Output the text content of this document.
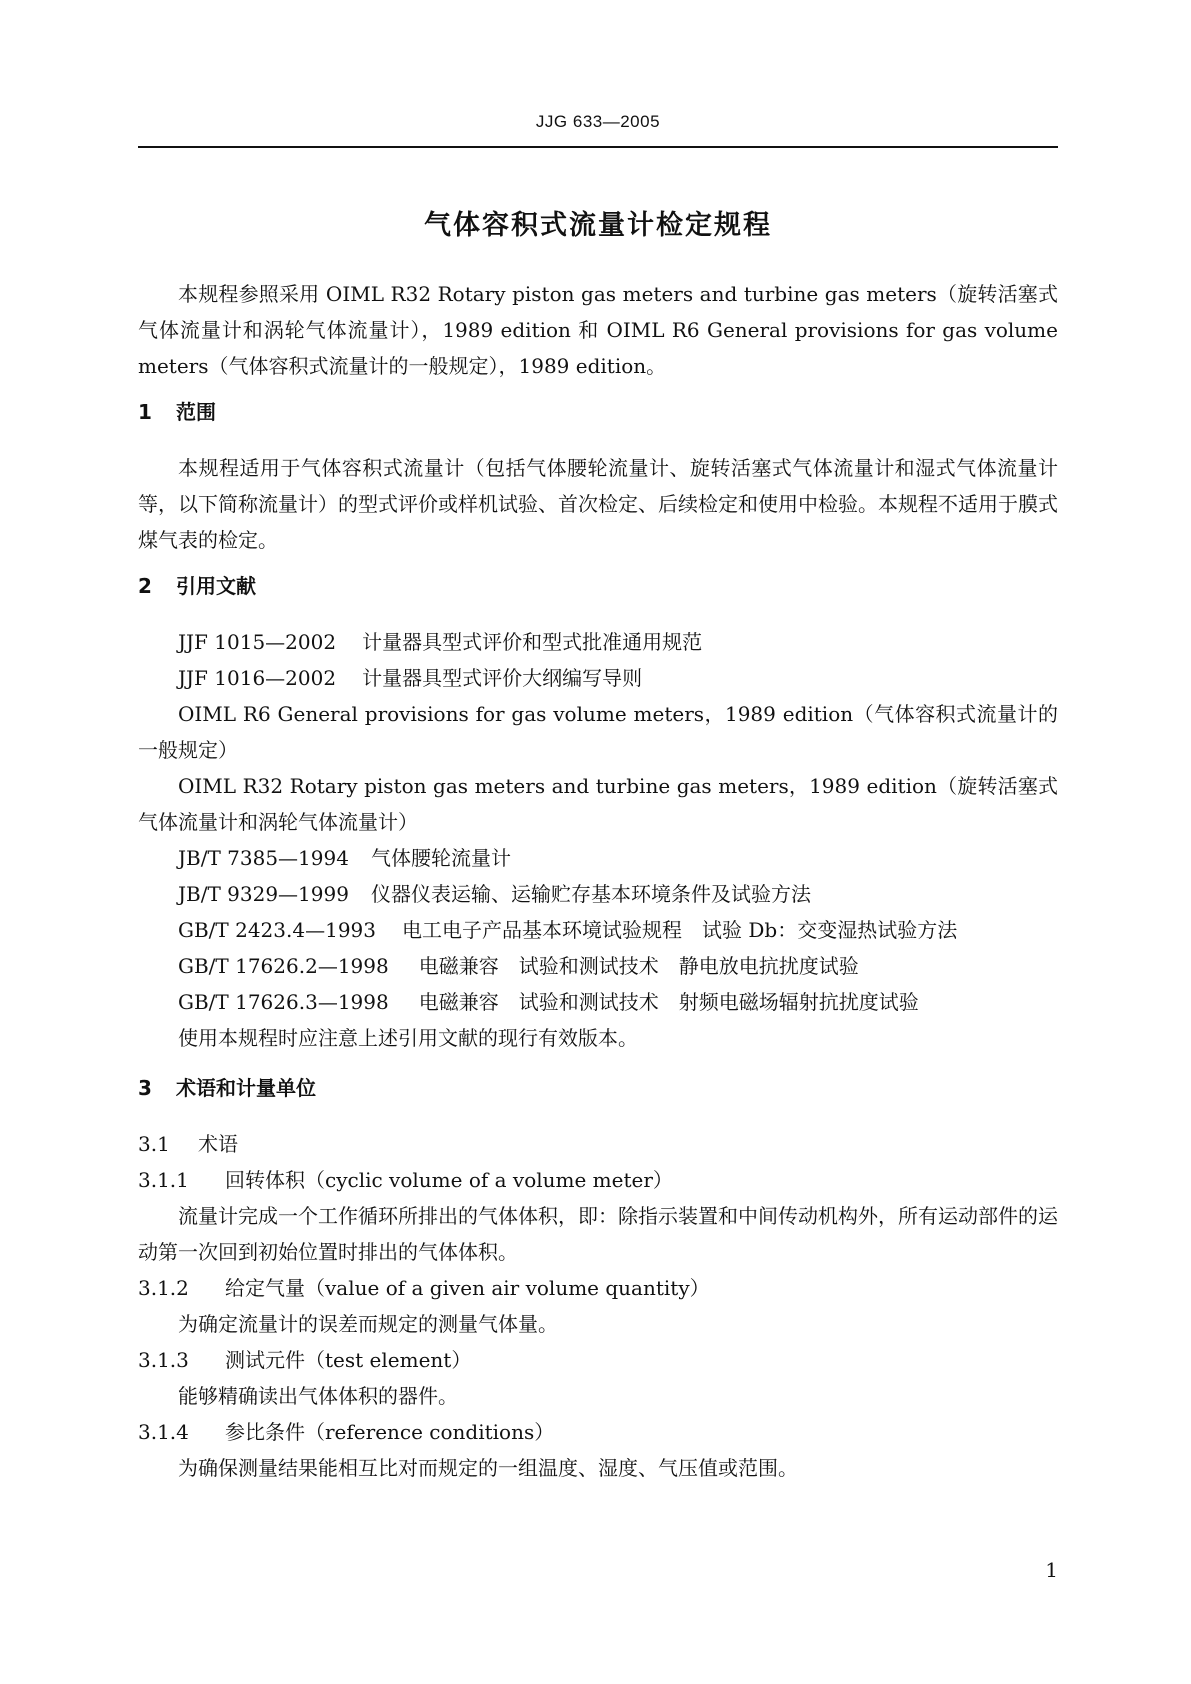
JJG 633—2005
气体容积式流量计检定规程

本规程参照采用 OIML R32 Rotary piston gas meters and turbine gas meters（旋转活塞式气体流量计和涡轮气体流量计），1989 edition 和 OIML R6 General provisions for gas volume meters（气体容积式流量计的一般规定），1989 edition。

1 范围

本规程适用于气体容积式流量计（包括气体腰轮流量计、旋转活塞式气体流量计和湿式气体流量计等，以下简称流量计）的型式评价或样机试验、首次检定、后续检定和使用中检验。本规程不适用于膜式煤气表的检定。

2 引用文献

JJF 1015—2002 计量器具型式评价和型式批准通用规范

JJF 1016—2002 计量器具型式评价大纲编写导则

OIML R6 General provisions for gas volume meters，1989 edition（气体容积式流量计的一般规定）

OIML R32 Rotary piston gas meters and turbine gas meters，1989 edition（旋转活塞式气体流量计和涡轮气体流量计）

JB/T 7385—1994 气体腰轮流量计

JB/T 9329—1999 仪器仪表运输、运输贮存基本环境条件及试验方法

GB/T 2423.4—1993 电工电子产品基本环境试验规程　试验 Db：交变湿热试验方法

GB/T 17626.2—1998 电磁兼容　试验和测试技术　静电放电抗扰度试验

GB/T 17626.3—1998 电磁兼容　试验和测试技术　射频电磁场辐射抗扰度试验

使用本规程时应注意上述引用文献的现行有效版本。

3 术语和计量单位

3.1 术语

3.1.1 回转体积（cyclic volume of a volume meter）

流量计完成一个工作循环所排出的气体体积，即：除指示装置和中间传动机构外，所有运动部件的运动第一次回到初始位置时排出的气体体积。

3.1.2 给定气量（value of a given air volume quantity）

为确定流量计的误差而规定的测量气体量。

3.1.3 测试元件（test element）

能够精确读出气体体积的器件。

3.1.4 参比条件（reference conditions）

为确保测量结果能相互比对而规定的一组温度、湿度、气压值或范围。

1
